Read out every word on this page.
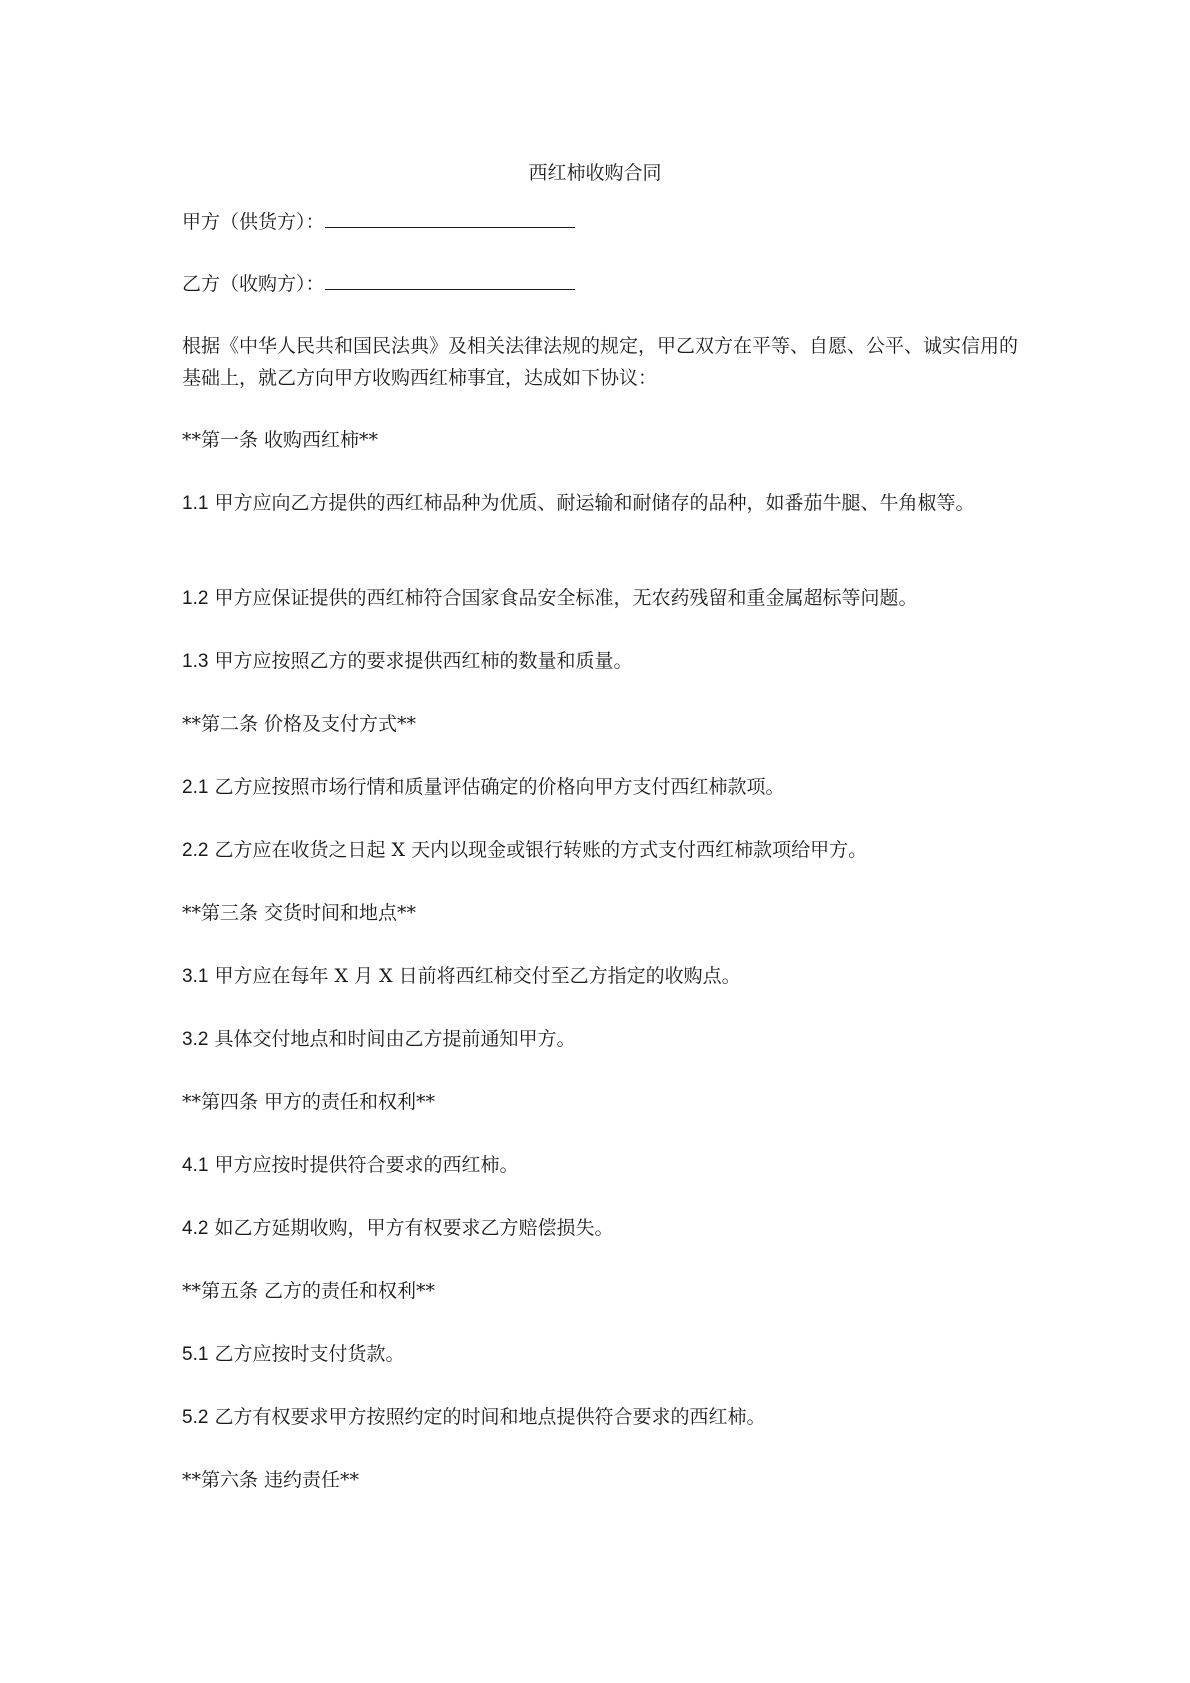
西红柿收购合同

甲方（供货方）：

乙方（收购方）：

根据《中华人民共和国民法典》及相关法律法规的规定，甲乙双方在平等、自愿、公平、诚实信用的基础上，就乙方向甲方收购西红柿事宜，达成如下协议：

**第一条 收购西红柿**

1.1 甲方应向乙方提供的西红柿品种为优质、耐运输和耐储存的品种，如番茄牛腿、牛角椒等。

1.2 甲方应保证提供的西红柿符合国家食品安全标准，无农药残留和重金属超标等问题。

1.3 甲方应按照乙方的要求提供西红柿的数量和质量。

**第二条 价格及支付方式**

2.1 乙方应按照市场行情和质量评估确定的价格向甲方支付西红柿款项。

2.2 乙方应在收货之日起 X 天内以现金或银行转账的方式支付西红柿款项给甲方。

**第三条 交货时间和地点**

3.1 甲方应在每年 X 月 X 日前将西红柿交付至乙方指定的收购点。

3.2 具体交付地点和时间由乙方提前通知甲方。

**第四条 甲方的责任和权利**

4.1 甲方应按时提供符合要求的西红柿。

4.2 如乙方延期收购，甲方有权要求乙方赔偿损失。

**第五条 乙方的责任和权利**

5.1 乙方应按时支付货款。

5.2 乙方有权要求甲方按照约定的时间和地点提供符合要求的西红柿。

**第六条 违约责任**
